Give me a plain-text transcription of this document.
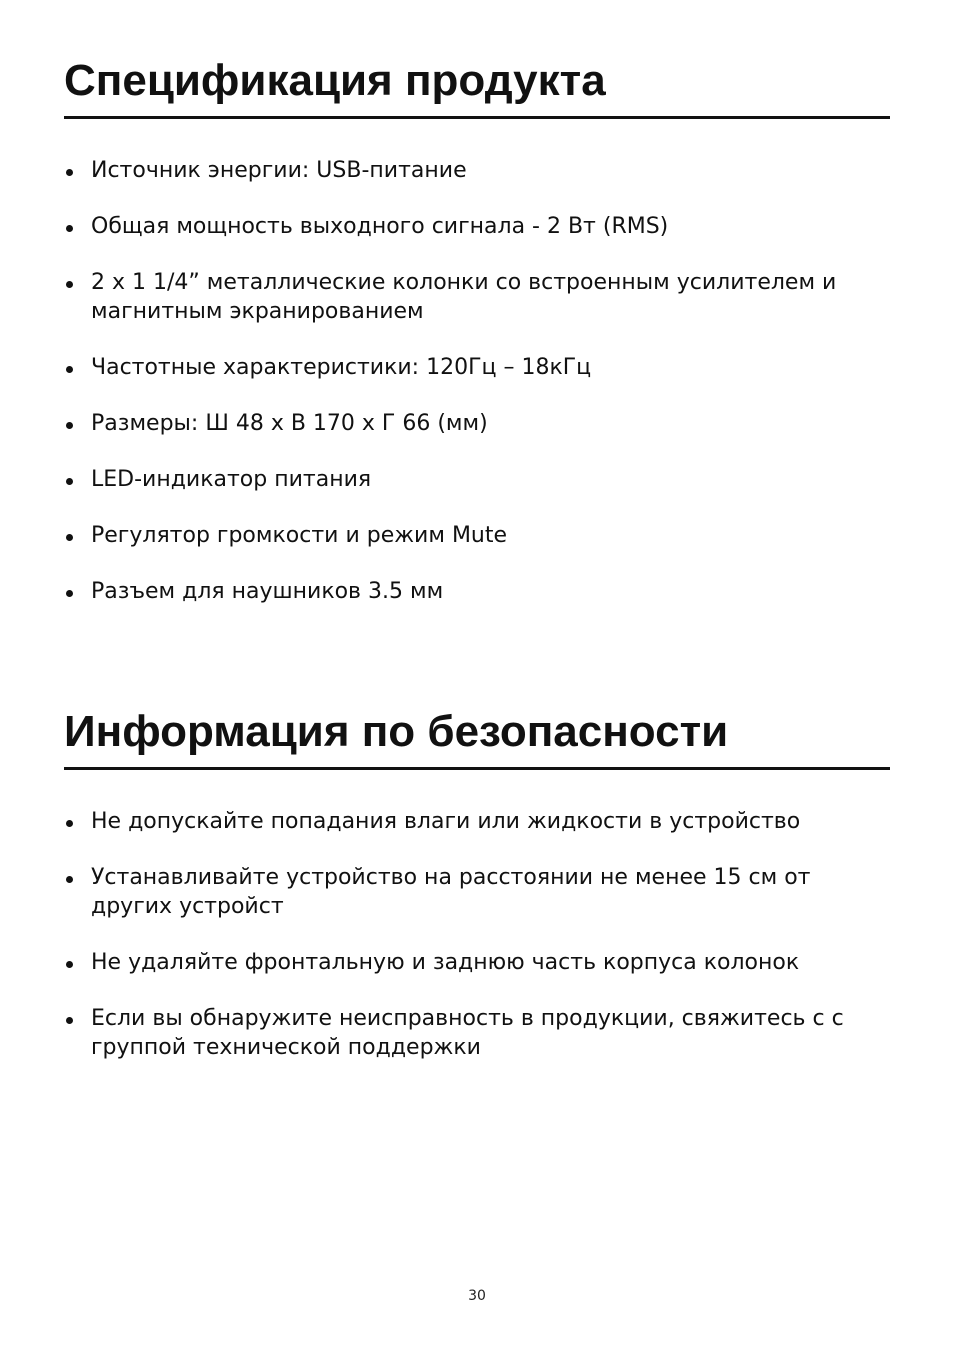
Спецификация продукта
Источник энергии: USB-питание
Общая мощность выходного сигнала - 2 Вт (RMS)
2 x 1 1/4” металлические колонки со встроенным усилителем и
магнитным экранированием
Частотные характеристики: 120Гц – 18кГц
Размеры: Ш 48 х В 170 х Г 66 (мм)
LED-индикатор питания
Регулятор громкости и режим Mute
Разъем для наушников 3.5 мм
Информация по безопасности
Не допускайте попадания влаги или жидкости в устройство
Устанавливайте устройство на расстоянии не менее 15 см от
других устройст
Не удаляйте фронтальную и заднюю часть корпуса колонок
Если вы обнаружите неисправность в продукции, свяжитесь с с
группой технической поддержки
30
